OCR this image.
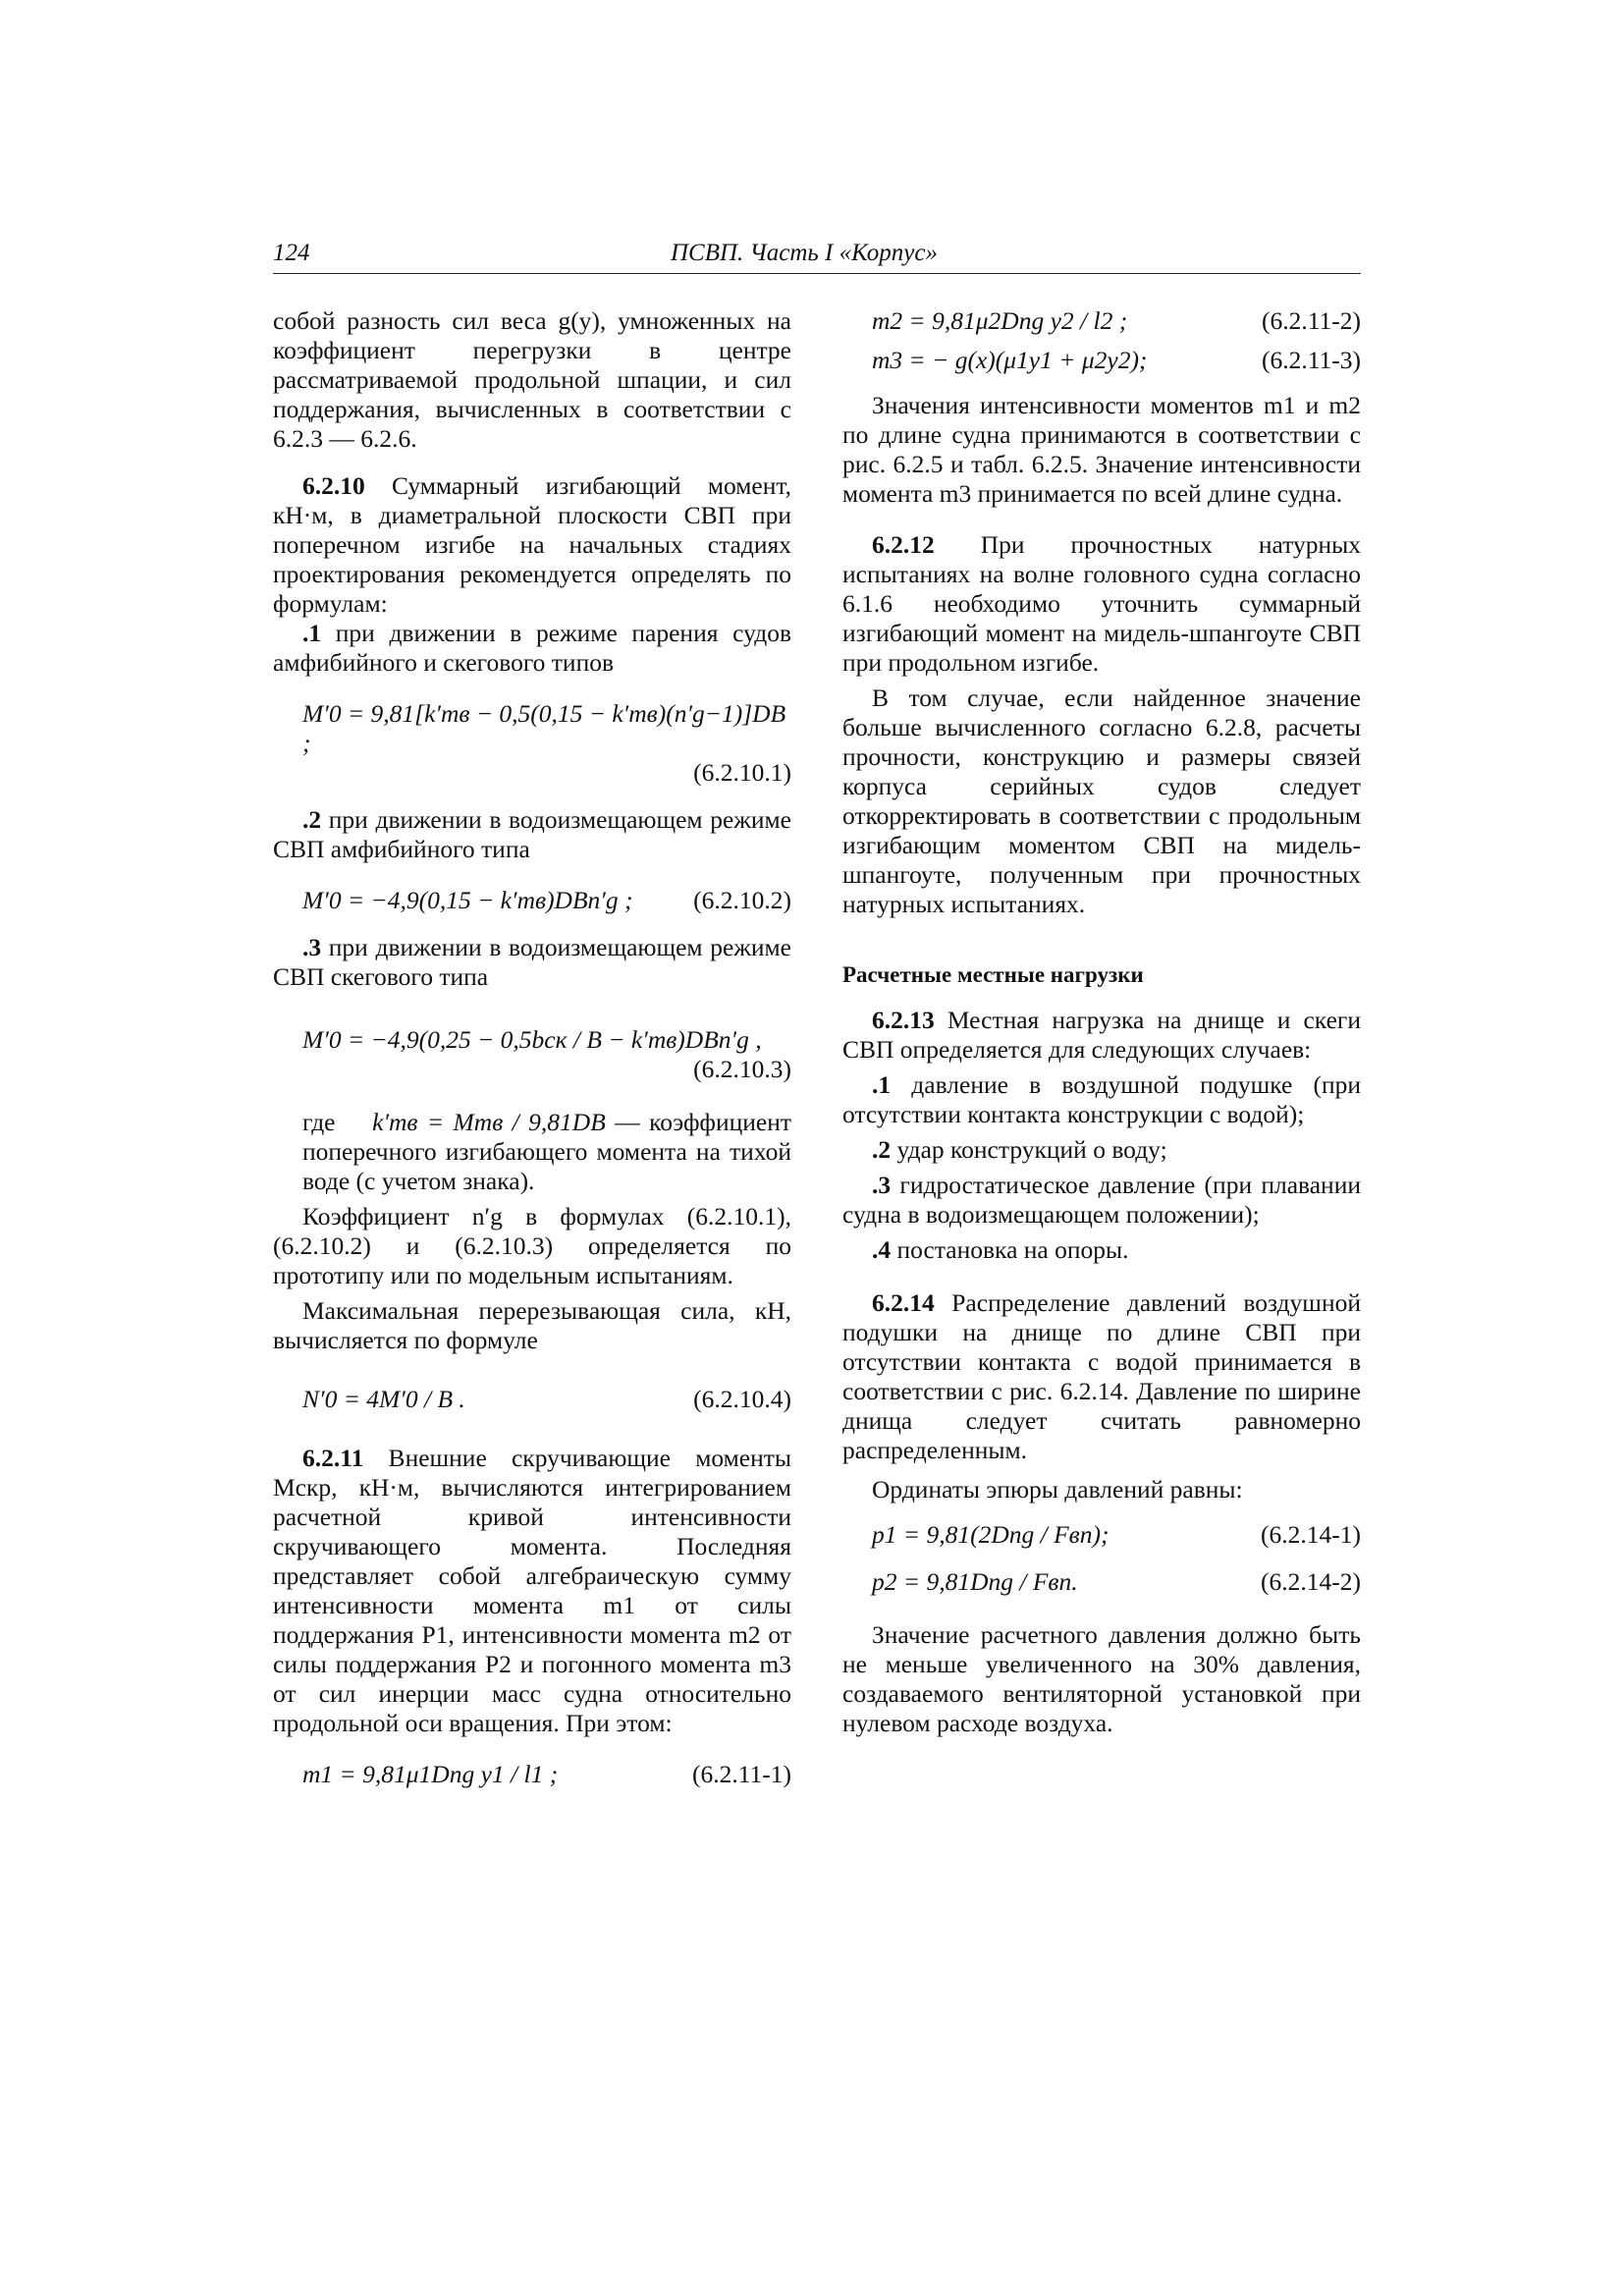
124	ПСВП. Часть I «Корпус»

собой разность сил веса g(y), умноженных на коэффициент перегрузки в центре рассматриваемой продольной шпации, и сил поддержания, вычисленных в соответствии с 6.2.3 — 6.2.6.

6.2.10 Суммарный изгибающий момент, кН·м, в диаметральной плоскости СВП при поперечном изгибе на начальных стадиях проектирования рекомендуется определять по формулам:

.1 при движении в режиме парения судов амфибийного и скегового типов

M′0 = 9,81[k′тв − 0,5(0,15 − k′тв)(n′g−1)]DB ;
(6.2.10.1)

.2 при движении в водоизмещающем режиме СВП амфибийного типа

M′0 = −4,9(0,15 − k′тв)DBn′g ; (6.2.10.2)

.3 при движении в водоизмещающем режиме СВП скегового типа

M′0 = −4,9(0,25 − 0,5bск / B − k′тв)DBn′g ,
(6.2.10.3)

где k′тв = Mтв / 9,81DB — коэффициент поперечного изгибающего момента на тихой воде (с учетом знака).

Коэффициент n′g в формулах (6.2.10.1), (6.2.10.2) и (6.2.10.3) определяется по прототипу или по модельным испытаниям.

Максимальная перерезывающая сила, кН, вычисляется по формуле

N′0 = 4M′0 / B .	(6.2.10.4)

6.2.11 Внешние скручивающие моменты Mскр, кН·м, вычисляются интегрированием расчетной кривой интенсивности скручивающего момента. Последняя представляет собой алгебраическую сумму интенсивности момента m1 от силы поддержания P1, интенсивности момента m2 от силы поддержания P2 и погонного момента m3 от сил инерции масс судна относительно продольной оси вращения. При этом:

m1 = 9,81μ1Dng y1 / l1 ;	(6.2.11-1)
m2 = 9,81μ2Dng y2 / l2 ;	(6.2.11-2)
m3 = − g(x)(μ1y1 + μ2y2);	(6.2.11-3)

Значения интенсивности моментов m1 и m2 по длине судна принимаются в соответствии с рис. 6.2.5 и табл. 6.2.5. Значение интенсивности момента m3 принимается по всей длине судна.

6.2.12 При прочностных натурных испытаниях на волне головного судна согласно 6.1.6 необходимо уточнить суммарный изгибающий момент на мидель-шпангоуте СВП при продольном изгибе.

В том случае, если найденное значение больше вычисленного согласно 6.2.8, расчеты прочности, конструкцию и размеры связей корпуса серийных судов следует откорректировать в соответствии с продольным изгибающим моментом СВП на мидель-шпангоуте, полученным при прочностных натурных испытаниях.

Расчетные местные нагрузки

6.2.13 Местная нагрузка на днище и скеги СВП определяется для следующих случаев:

.1 давление в воздушной подушке (при отсутствии контакта конструкции с водой);

.2 удар конструкций о воду;

.3 гидростатическое давление (при плавании судна в водоизмещающем положении);

.4 постановка на опоры.

6.2.14 Распределение давлений воздушной подушки на днище по длине СВП при отсутствии контакта с водой принимается в соответствии с рис. 6.2.14. Давление по ширине днища следует считать равномерно распределенным.

Ординаты эпюры давлений равны:

p1 = 9,81(2Dng / Fвп);	(6.2.14-1)
p2 = 9,81Dng / Fвп.	(6.2.14-2)

Значение расчетного давления должно быть не меньше увеличенного на 30% давления, создаваемого вентиляторной установкой при нулевом расходе воздуха.
